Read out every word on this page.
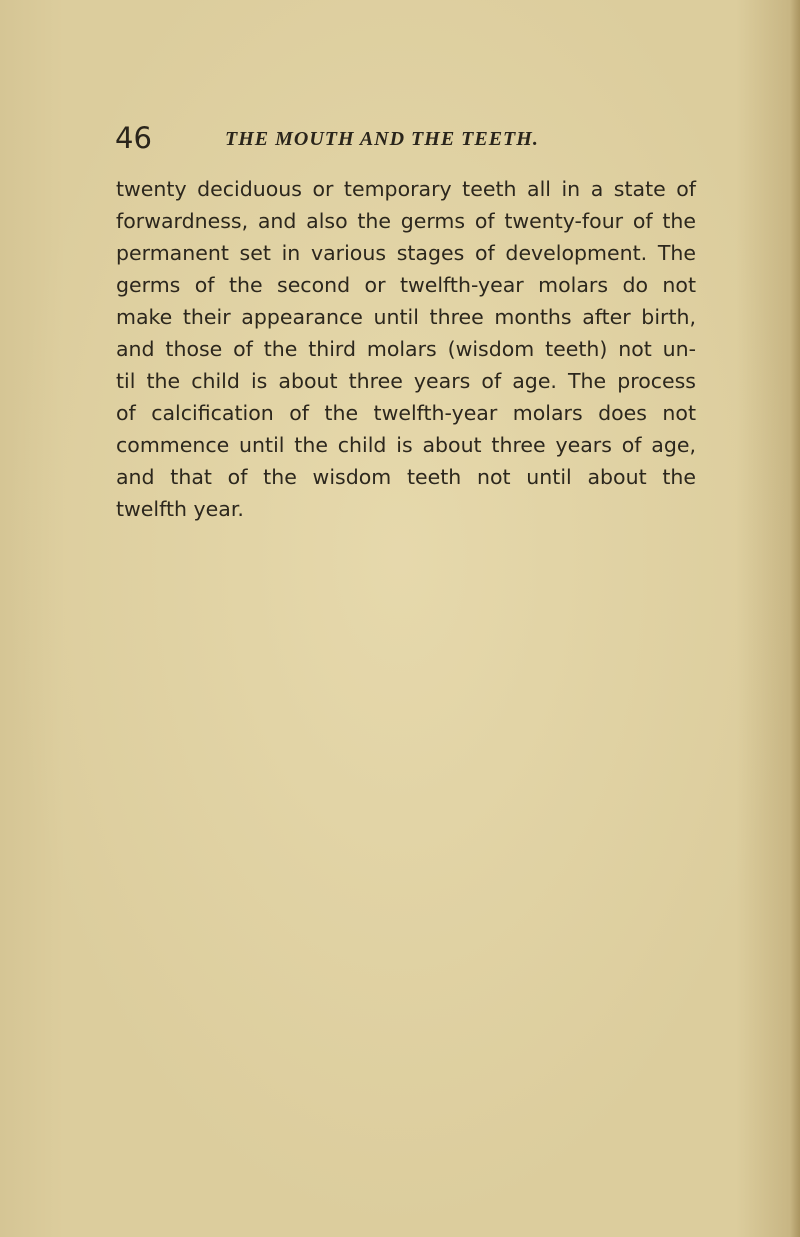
46	THE MOUTH AND THE TEETH.
twenty deciduous or temporary teeth all in a state of
forwardness, and also the germs of twenty-four of the
permanent set in various stages of development. The
germs of the second or twelfth-year molars do not
make their appearance until three months after birth,
and those of the third molars (wisdom teeth) not un-
til the child is about three years of age. The process
of calcification of the twelfth-year molars does not
commence until the child is about three years of age,
and that of the wisdom teeth not until about the
twelfth year.
